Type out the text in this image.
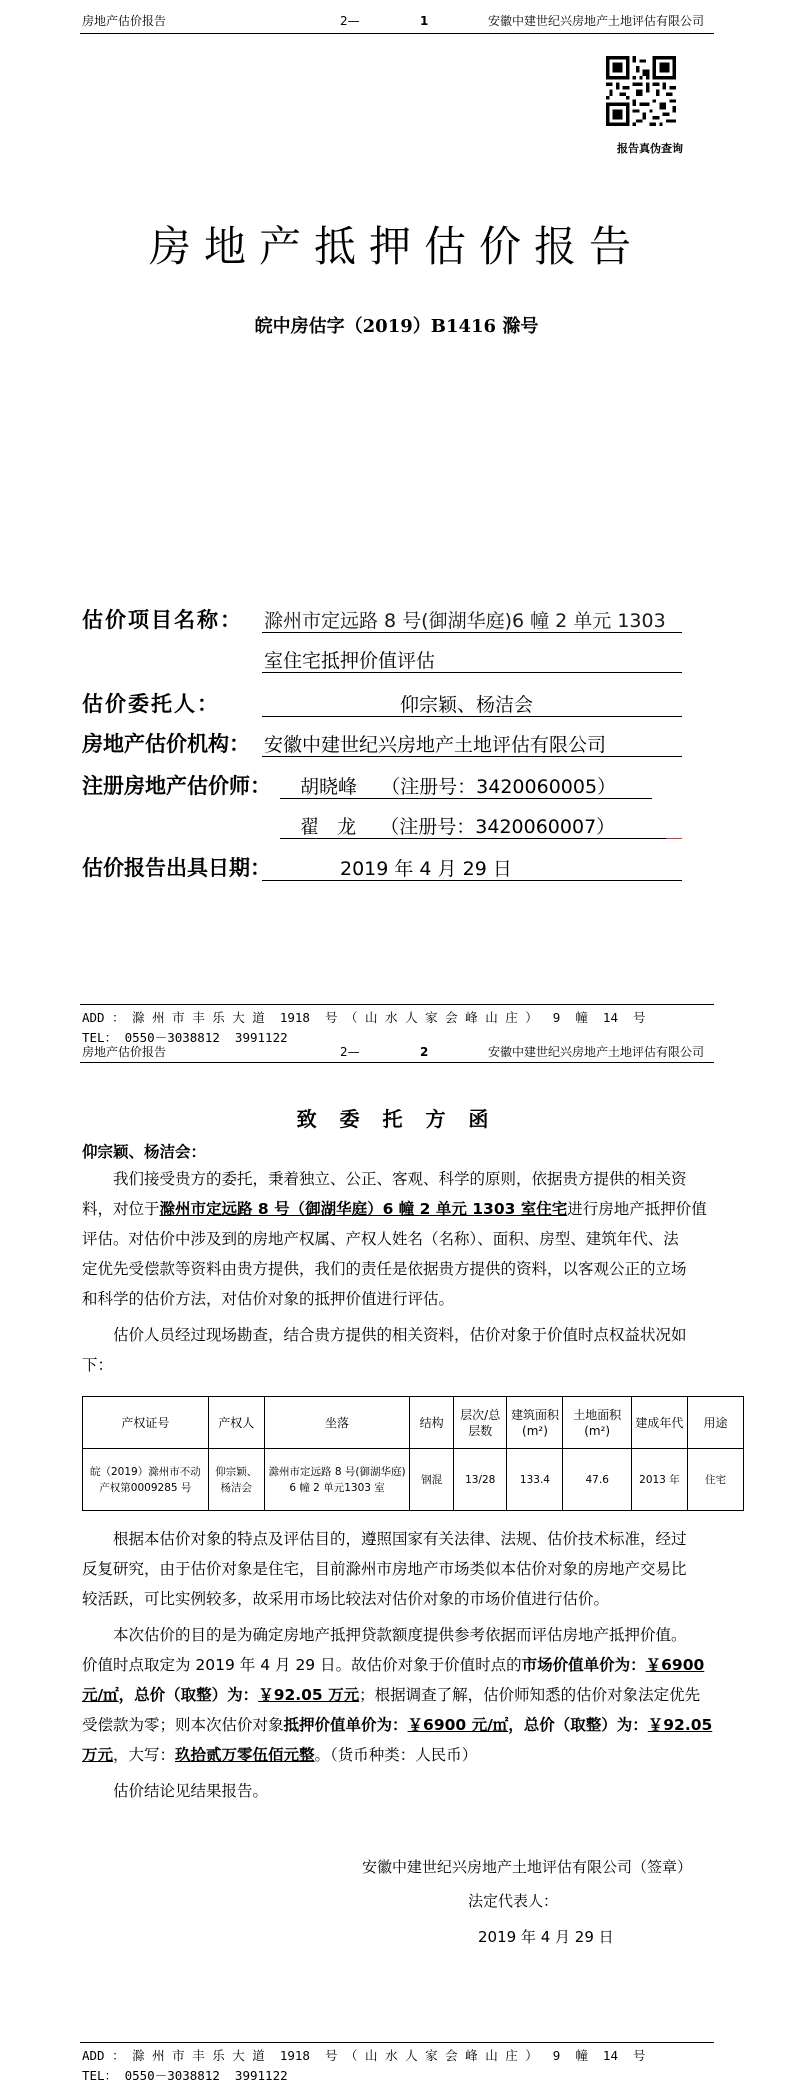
房地产估价报告	2—	1	安徽中建世纪兴房地产土地评估有限公司
报告真伪查询
房地产抵押估价报告
皖中房估字（2019）B1416 滁号
估价项目名称： 滁州市定远路 8 号(御湖华庭)6 幢 2 单元 1303
室住宅抵押价值评估
估价委托人：	仰宗颖、杨洁会
房地产估价机构： 安徽中建世纪兴房地产土地评估有限公司
注册房地产估价师： 胡晓峰    （注册号：3420060005）
翟   龙    （注册号：3420060007）
估价报告出具日期：	2019 年 4 月 29 日
ADD ： 滁 州 市 丰 乐 大 道  1918  号 （ 山 水 人 家 会 峰 山 庄 ）  9  幢  14  号
TEL： 0550－3038812  3991122
房地产估价报告	2—	2	安徽中建世纪兴房地产土地评估有限公司
致 委 托 方 函
仰宗颖、杨洁会：
我们接受贵方的委托，秉着独立、公正、客观、科学的原则，依据贵方提供的相关资
料，对位于滁州市定远路 8 号（御湖华庭）6 幢 2 单元 1303 室住宅进行房地产抵押价值
评估。对估价中涉及到的房地产权属、产权人姓名（名称）、面积、房型、建筑年代、法
定优先受偿款等资料由贵方提供，我们的责任是依据贵方提供的资料，以客观公正的立场
和科学的估价方法，对估价对象的抵押价值进行评估。
估价人员经过现场勘查，结合贵方提供的相关资料，估价对象于价值时点权益状况如
下：
产权证号	产权人	坐落	结构	层次/总层数	建筑面积(m²)	土地面积(m²)	建成年代	用途
皖（2019）滁州市不动产权第0009285 号	仰宗颖、杨洁会	滁州市定远路 8 号(御湖华庭) 6 幢 2 单元1303 室	钢混	13/28	133.4	47.6	2013 年	住宅
根据本估价对象的特点及评估目的，遵照国家有关法律、法规、估价技术标准，经过
反复研究，由于估价对象是住宅，目前滁州市房地产市场类似本估价对象的房地产交易比
较活跃，可比实例较多，故采用市场比较法对估价对象的市场价值进行估价。
本次估价的目的是为确定房地产抵押贷款额度提供参考依据而评估房地产抵押价值。
价值时点取定为 2019 年 4 月 29 日。故估价对象于价值时点的市场价值单价为：￥6900
元/㎡，总价（取整）为：￥92.05 万元；根据调查了解，估价师知悉的估价对象法定优先
受偿款为零；则本次估价对象抵押价值单价为：￥6900 元/㎡，总价（取整）为：￥92.05
万元，大写：玖拾贰万零伍佰元整。（货币种类：人民币）
估价结论见结果报告。
安徽中建世纪兴房地产土地评估有限公司（签章）
法定代表人：
2019 年 4 月 29 日
ADD ： 滁 州 市 丰 乐 大 道  1918  号 （ 山 水 人 家 会 峰 山 庄 ）  9  幢  14  号
TEL： 0550－3038812  3991122
